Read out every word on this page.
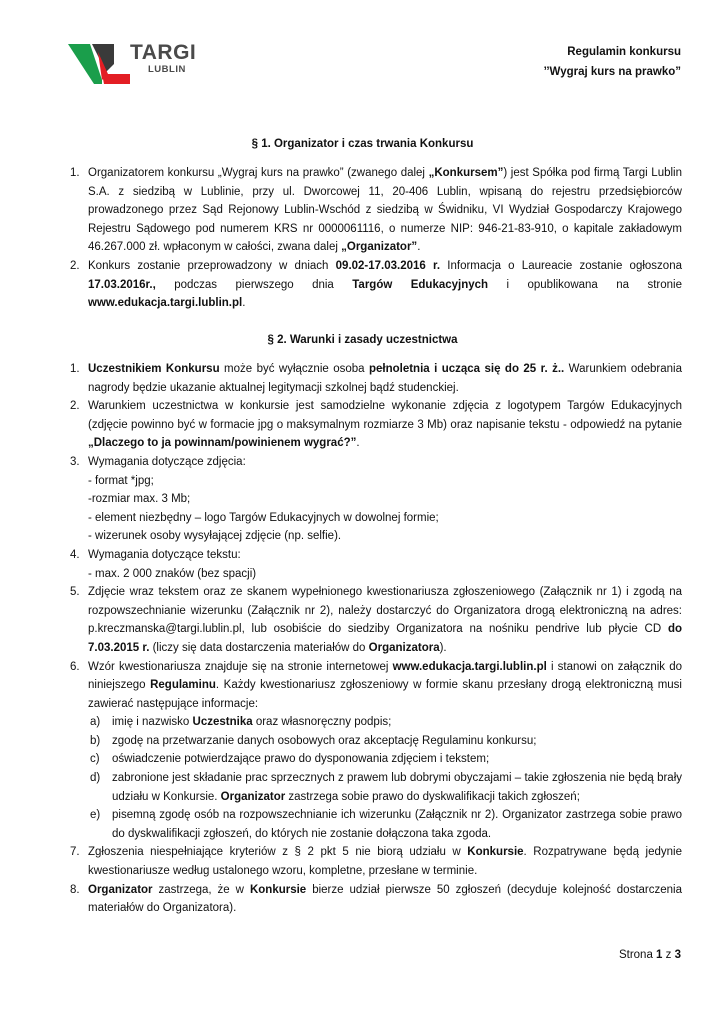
TARGI
LUBLIN
Regulamin konkursu
’’Wygraj kurs na prawko”
§ 1. Organizator i czas trwania Konkursu
1. Organizatorem konkursu „Wygraj kurs na prawko” (zwanego dalej „Konkursem”) jest Spółka pod firmą Targi Lublin S.A. z siedzibą w Lublinie, przy ul. Dworcowej 11, 20-406 Lublin, wpisaną do rejestru przedsiębiorców prowadzonego przez Sąd Rejonowy Lublin-Wschód z siedzibą w Świdniku, VI Wydział Gospodarczy Krajowego Rejestru Sądowego pod numerem KRS nr 0000061116, o numerze NIP: 946-21-83-910, o kapitale zakładowym 46.267.000 zł. wpłaconym w całości, zwana dalej „Organizator”.
2. Konkurs zostanie przeprowadzony w dniach 09.02-17.03.2016 r. Informacja o Laureacie zostanie ogłoszona 17.03.2016r., podczas pierwszego dnia Targów Edukacyjnych i opublikowana na stronie www.edukacja.targi.lublin.pl.
§ 2. Warunki i zasady uczestnictwa
1. Uczestnikiem Konkursu może być wyłącznie osoba pełnoletnia i ucząca się do 25 r. ż.. Warunkiem odebrania nagrody będzie ukazanie aktualnej legitymacji szkolnej bądź studenckiej.
2. Warunkiem uczestnictwa w konkursie jest samodzielne wykonanie zdjęcia z logotypem Targów Edukacyjnych (zdjęcie powinno być w formacie jpg o maksymalnym rozmiarze 3 Mb) oraz napisanie tekstu - odpowiedź na pytanie „Dlaczego to ja powinnam/powinienem wygrać?”.
3. Wymagania dotyczące zdjęcia:
- format *jpg;
-rozmiar max. 3 Mb;
- element niezbędny – logo Targów Edukacyjnych w dowolnej formie;
- wizerunek osoby wysyłającej zdjęcie (np. selfie).
4. Wymagania dotyczące tekstu:
- max. 2 000 znaków (bez spacji)
5. Zdjęcie wraz tekstem oraz ze skanem wypełnionego kwestionariusza zgłoszeniowego (Załącznik nr 1) i zgodą na rozpowszechnianie wizerunku (Załącznik nr 2), należy dostarczyć do Organizatora drogą elektroniczną na adres: p.kreczmanska@targi.lublin.pl, lub osobiście do siedziby Organizatora na nośniku pendrive lub płycie CD do 7.03.2015 r. (liczy się data dostarczenia materiałów do Organizatora).
6. Wzór kwestionariusza znajduje się na stronie internetowej www.edukacja.targi.lublin.pl i stanowi on załącznik do niniejszego Regulaminu. Każdy kwestionariusz zgłoszeniowy w formie skanu przesłany drogą elektroniczną musi zawierać następujące informacje:
a) imię i nazwisko Uczestnika oraz własnoręczny podpis;
b) zgodę na przetwarzanie danych osobowych oraz akceptację Regulaminu konkursu;
c) oświadczenie potwierdzające prawo do dysponowania zdjęciem i tekstem;
d) zabronione jest składanie prac sprzecznych z prawem lub dobrymi obyczajami – takie zgłoszenia nie będą brały udziału w Konkursie. Organizator zastrzega sobie prawo do dyskwalifikacji takich zgłoszeń;
e) pisemną zgodę osób na rozpowszechnianie ich wizerunku (Załącznik nr 2). Organizator zastrzega sobie prawo do dyskwalifikacji zgłoszeń, do których nie zostanie dołączona taka zgoda.
7. Zgłoszenia niespełniające kryteriów z § 2 pkt 5 nie biorą udziału w Konkursie. Rozpatrywane będą jedynie kwestionariusze według ustalonego wzoru, kompletne, przesłane w terminie.
8. Organizator zastrzega, że w Konkursie bierze udział pierwsze 50 zgłoszeń (decyduje kolejność dostarczenia materiałów do Organizatora).
Strona 1 z 3
